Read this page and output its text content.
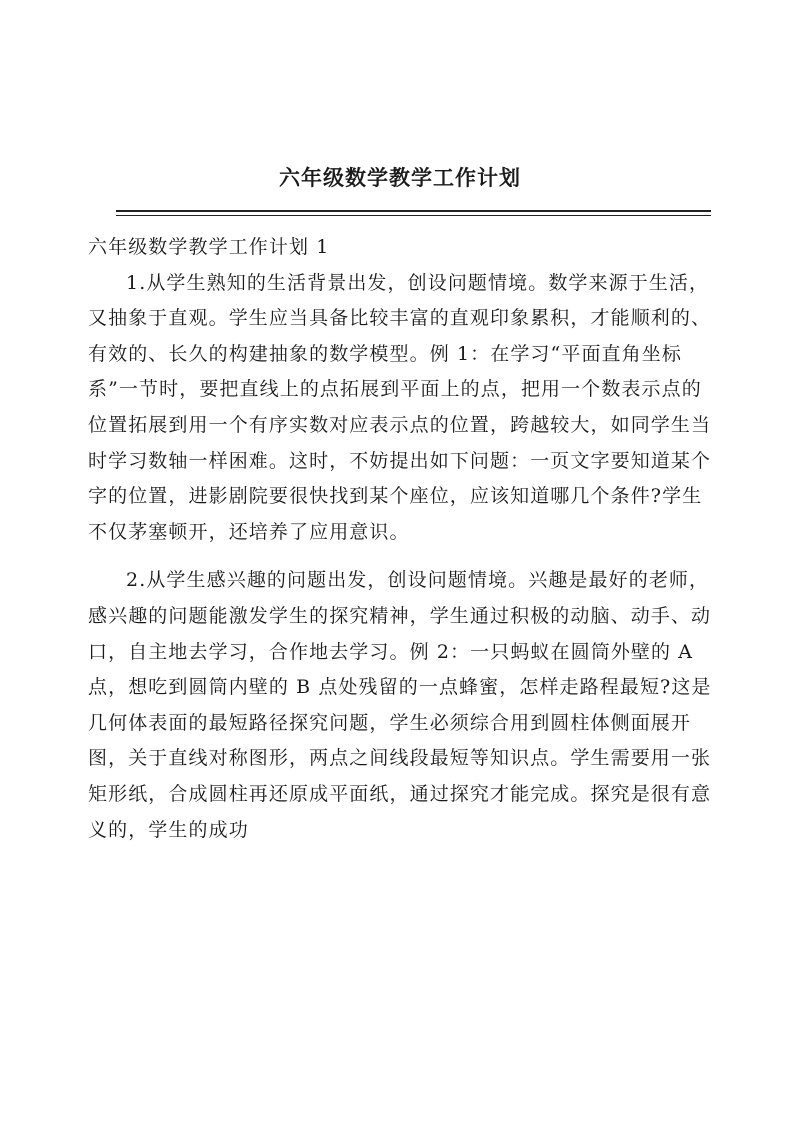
六年级数学教学工作计划

六年级数学教学工作计划 1

1.从学生熟知的生活背景出发，创设问题情境。数学来源于生活，又抽象于直观。学生应当具备比较丰富的直观印象累积，才能顺利的、有效的、长久的构建抽象的数学模型。例 1：在学习“平面直角坐标系”一节时，要把直线上的点拓展到平面上的点，把用一个数表示点的位置拓展到用一个有序实数对应表示点的位置，跨越较大，如同学生当时学习数轴一样困难。这时，不妨提出如下问题：一页文字要知道某个字的位置，进影剧院要很快找到某个座位，应该知道哪几个条件?学生不仅茅塞顿开，还培养了应用意识。

2.从学生感兴趣的问题出发，创设问题情境。兴趣是最好的老师，感兴趣的问题能激发学生的探究精神，学生通过积极的动脑、动手、动口，自主地去学习，合作地去学习。例 2：一只蚂蚁在圆筒外壁的 A 点，想吃到圆筒内壁的 B 点处残留的一点蜂蜜，怎样走路程最短?这是几何体表面的最短路径探究问题，学生必须综合用到圆柱体侧面展开图，关于直线对称图形，两点之间线段最短等知识点。学生需要用一张矩形纸，合成圆柱再还原成平面纸，通过探究才能完成。探究是很有意义的，学生的成功
